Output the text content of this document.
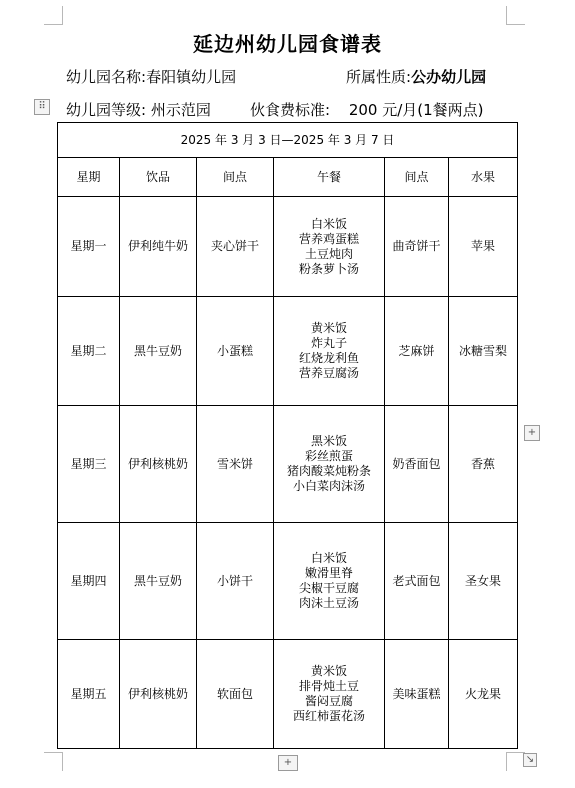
延边州幼儿园食谱表
幼儿园名称:春阳镇幼儿园	所属性质:公办幼儿园
⠿ 幼儿园等级: 州示范园	伙食费标准: 200 元/月(1餐两点)
2025 年 3 月 3 日—2025 年 3 月 7 日					
星期	饮品	间点	午餐	间点	水果
星期一	伊利纯牛奶	夹心饼干	白米饭
营养鸡蛋糕
土豆炖肉
粉条萝卜汤	曲奇饼干	苹果
星期二	黑牛豆奶	小蛋糕	黄米饭
炸丸子
红烧龙利鱼
营养豆腐汤	芝麻饼	冰糖雪梨
星期三	伊利核桃奶	雪米饼	黑米饭
彩丝煎蛋
猪肉酸菜炖粉条
小白菜肉沫汤	奶香面包	香蕉
星期四	黑牛豆奶	小饼干	白米饭
嫩滑里脊
尖椒干豆腐
肉沫土豆汤	老式面包	圣女果
星期五	伊利核桃奶	软面包	黄米饭
排骨炖土豆
酱闷豆腐
西红柿蛋花汤	美味蛋糕	火龙果
+
+	↘
